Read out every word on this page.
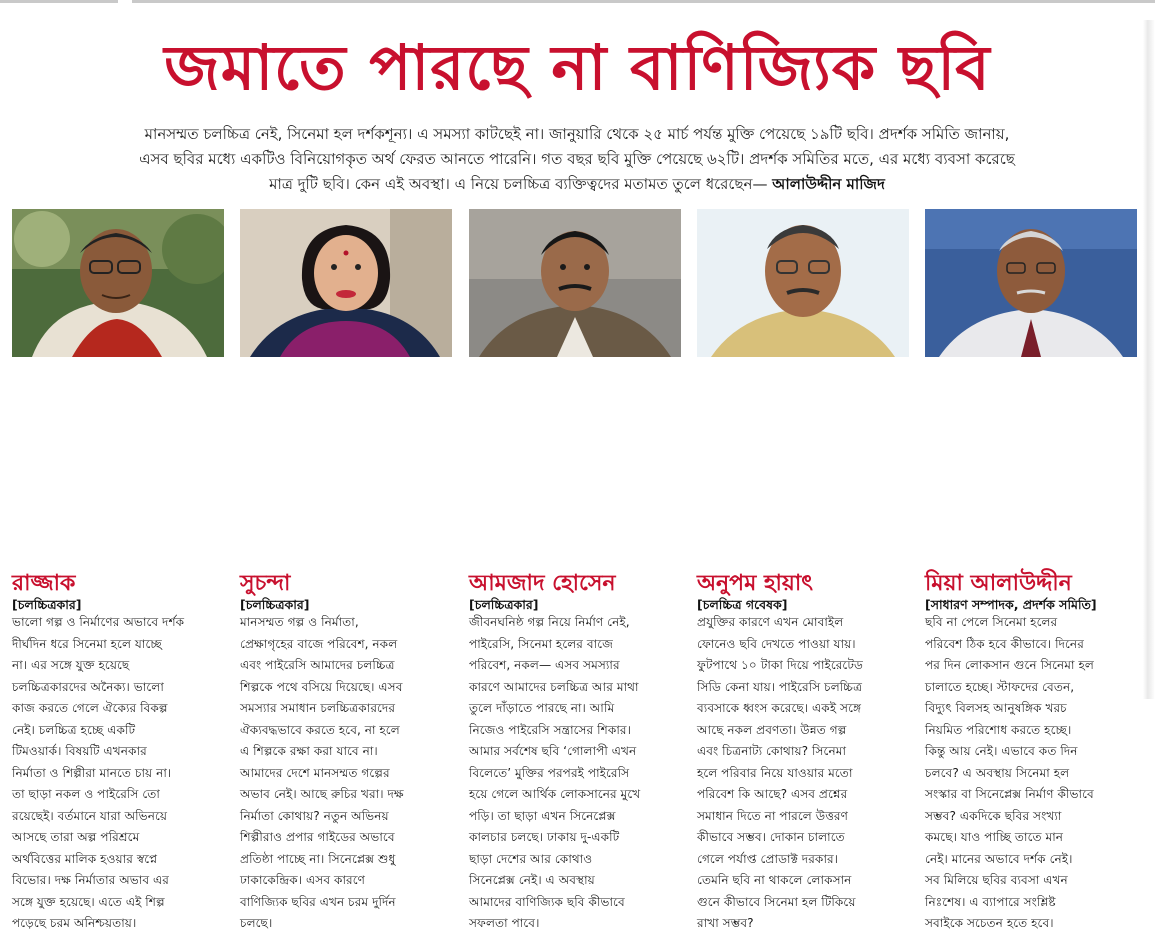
জমাতে পারছে না বাণিজ্যিক ছবি
মানসম্মত চলচ্চিত্র নেই, সিনেমা হল দর্শকশূন্য। এ সমস্যা কাটছেই না। জানুয়ারি থেকে ২৫ মার্চ পর্যন্ত মুক্তি পেয়েছে ১৯টি ছবি। প্রদর্শক সমিতি জানায়,
এসব ছবির মধ্যে একটিও বিনিয়োগকৃত অর্থ ফেরত আনতে পারেনি। গত বছর ছবি মুক্তি পেয়েছে ৬২টি। প্রদর্শক সমিতির মতে, এর মধ্যে ব্যবসা করেছে
মাত্র দুটি ছবি। কেন এই অবস্থা। এ নিয়ে চলচ্চিত্র ব্যক্তিত্বদের মতামত তুলে ধরেছেন— আলাউদ্দীন মাজিদ
রাজ্জাক
[চলচ্চিত্রকার]
ভালো গল্প ও নির্মাণের অভাবে দর্শক
দীর্ঘদিন ধরে সিনেমা হলে যাচ্ছে
না। এর সঙ্গে যুক্ত হয়েছে
চলচ্চিত্রকারদের অনৈক্য। ভালো
কাজ করতে গেলে ঐক্যের বিকল্প
নেই। চলচ্চিত্র হচ্ছে একটি
টিমওয়ার্ক। বিষয়টি এখনকার
নির্মাতা ও শিল্পীরা মানতে চায় না।
তা ছাড়া নকল ও পাইরেসি তো
রয়েছেই। বর্তমানে যারা অভিনয়ে
আসছে তারা অল্প পরিশ্রমে
অর্থবিত্তের মালিক হওয়ার স্বপ্নে
বিভোর। দক্ষ নির্মাতার অভাব এর
সঙ্গে যুক্ত হয়েছে। এতে এই শিল্প
পড়েছে চরম অনিশ্চয়তায়।
সুচন্দা
[চলচ্চিত্রকার]
মানসম্মত গল্প ও নির্মাতা,
প্রেক্ষাগৃহের বাজে পরিবেশ, নকল
এবং পাইরেসি আমাদের চলচ্চিত্র
শিল্পকে পথে বসিয়ে দিয়েছে। এসব
সমস্যার সমাধান চলচ্চিত্রকারদের
ঐক্যবদ্ধভাবে করতে হবে, না হলে
এ শিল্পকে রক্ষা করা যাবে না।
আমাদের দেশে মানসম্মত গল্পের
অভাব নেই। আছে রুচির খরা। দক্ষ
নির্মাতা কোথায়? নতুন অভিনয়
শিল্পীরাও প্রপার গাইডের অভাবে
প্রতিষ্ঠা পাচ্ছে না। সিনেপ্লেক্স শুধু
ঢাকাকেন্দ্রিক। এসব কারণে
বাণিজ্যিক ছবির এখন চরম দুর্দিন
চলছে।
আমজাদ হোসেন
[চলচ্চিত্রকার]
জীবনঘনিষ্ঠ গল্প নিয়ে নির্মাণ নেই,
পাইরেসি, সিনেমা হলের বাজে
পরিবেশ, নকল— এসব সমস্যার
কারণে আমাদের চলচ্চিত্র আর মাথা
তুলে দাঁড়াতে পারছে না। আমি
নিজেও পাইরেসি সন্ত্রাসের শিকার।
আমার সর্বশেষ ছবি ‘গোলাপী এখন
বিলেতে’ মুক্তির পরপরই পাইরেসি
হয়ে গেলে আর্থিক লোকসানের মুখে
পড়ি। তা ছাড়া এখন সিনেপ্লেক্স
কালচার চলছে। ঢাকায় দু-একটি
ছাড়া দেশের আর কোথাও
সিনেপ্লেক্স নেই। এ অবস্থায়
আমাদের বাণিজ্যিক ছবি কীভাবে
সফলতা পাবে।
অনুপম হায়াৎ
[চলচ্চিত্র গবেষক]
প্রযুক্তির কারণে এখন মোবাইল
ফোনেও ছবি দেখতে পাওয়া যায়।
ফুটপাথে ১০ টাকা দিয়ে পাইরেটেড
সিডি কেনা যায়। পাইরেসি চলচ্চিত্র
ব্যবসাকে ধ্বংস করেছে। একই সঙ্গে
আছে নকল প্রবণতা। উন্নত গল্প
এবং চিত্রনাট্য কোথায়? সিনেমা
হলে পরিবার নিয়ে যাওয়ার মতো
পরিবেশ কি আছে? এসব প্রশ্নের
সমাধান দিতে না পারলে উত্তরণ
কীভাবে সম্ভব। দোকান চালাতে
গেলে পর্যাপ্ত প্রোডাক্ট দরকার।
তেমনি ছবি না থাকলে লোকসান
গুনে কীভাবে সিনেমা হল টিকিয়ে
রাখা সম্ভব?
মিয়া আলাউদ্দীন
[সাধারণ সম্পাদক, প্রদর্শক সমিতি]
ছবি না পেলে সিনেমা হলের
পরিবেশ ঠিক হবে কীভাবে। দিনের
পর দিন লোকসান গুনে সিনেমা হল
চালাতে হচ্ছে। স্টাফদের বেতন,
বিদ্যুৎ বিলসহ আনুষঙ্গিক খরচ
নিয়মিত পরিশোধ করতে হচ্ছে।
কিন্তু আয় নেই। এভাবে কত দিন
চলবে? এ অবস্থায় সিনেমা হল
সংস্কার বা সিনেপ্লেক্স নির্মাণ কীভাবে
সম্ভব? একদিকে ছবির সংখ্যা
কমছে। যাও পাচ্ছি তাতে মান
নেই। মানের অভাবে দর্শক নেই।
সব মিলিয়ে ছবির ব্যবসা এখন
নিঃশেষ। এ ব্যাপারে সংশ্লিষ্ট
সবাইকে সচেতন হতে হবে।
